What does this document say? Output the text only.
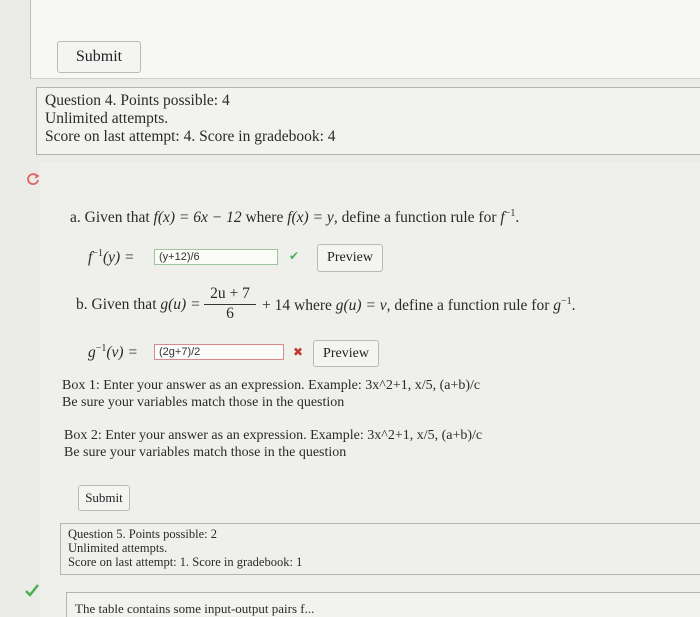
Submit
Question 4. Points possible: 4
Unlimited attempts.
Score on last attempt: 4. Score in gradebook: 4
a. Given that f(x) = 6x − 12 where f(x) = y, define a function rule for $f^{-1}$.
$f^{-1}(y)$ =	(y+12)/6	✔	Preview
b. Given that $g(u) = \frac{2u + 7}{6} + 14$ where g(u) = v, define a function rule for $g^{-1}$.
$g^{-1}(v)$ =	(2g+7)/2	✖	Preview
Box 1: Enter your answer as an expression. Example: 3x^2+1, x/5, (a+b)/c
Be sure your variables match those in the question
Box 2: Enter your answer as an expression. Example: 3x^2+1, x/5, (a+b)/c
Be sure your variables match those in the question
Submit
Question 5. Points possible: 2
Unlimited attempts.
Score on last attempt: 1. Score in gradebook: 1
The table contains some input-output pairs f...
